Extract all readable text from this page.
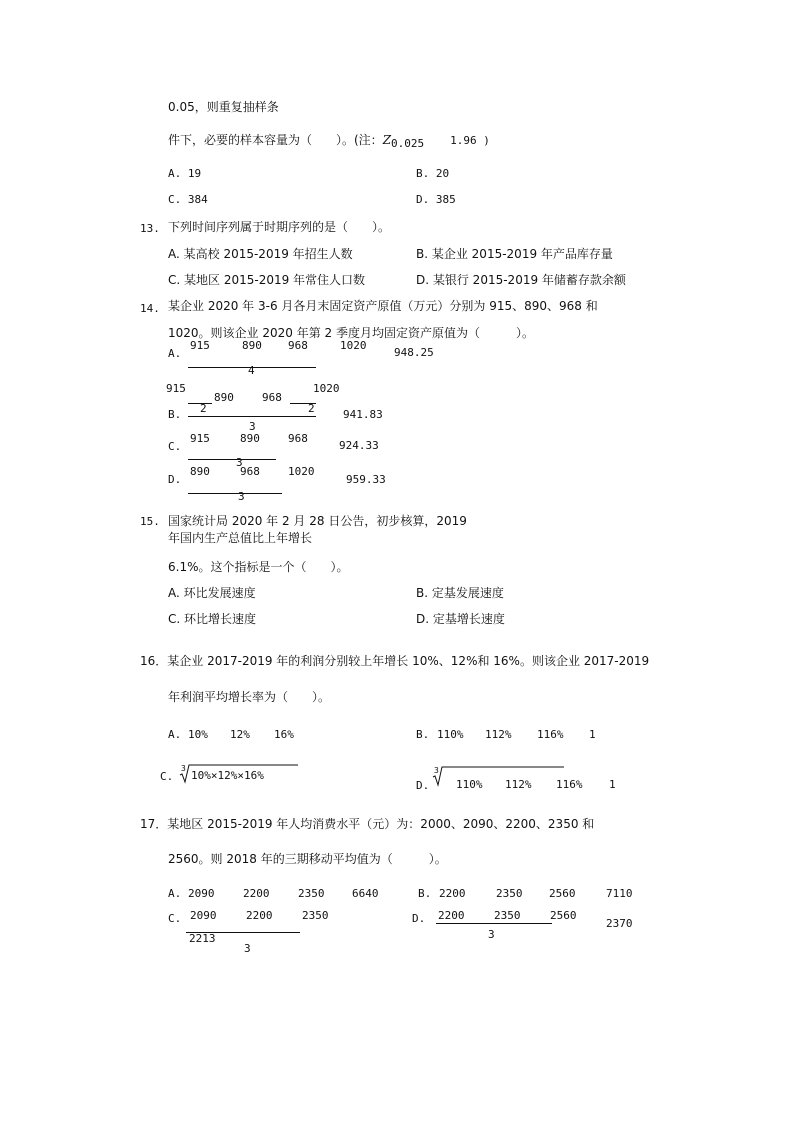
0.05，则重复抽样条
件下，必要的样本容量为（　　）。(注：Z0.025 1.96 )
A. 19	B. 20
C. 384	D. 385
13. 下列时间序列属于时期序列的是（　　）。
A. 某高校 2015-2019 年招生人数	B. 某企业 2015-2019 年产品库存量
C. 某地区 2015-2019 年常住人口数	D. 某银行 2015-2019 年储蓄存款余额
14. 某企业 2020 年 3-6 月各月末固定资产原值（万元）分别为 915、890、968 和
1020。则该企业 2020 年第 2 季度月均固定资产原值为（　　　）。
A.
915	890 968	1020
4
948.25
915	1020
890	968
2	2
B.
3
941.83
915	890	968
C.
3
924.33
890	968	1020
D.
3
959.33
15. 国家统计局 2020 年 2 月 28 日公告，初步核算，2019
年国内生产总值比上年增长
6.1%。这个指标是一个（　　）。
A. 环比发展速度	B. 定基发展速度
C. 环比增长速度	D. 定基增长速度
16．某企业 2017-2019 年的利润分别较上年增长 10%、12%和 16%。则该企业 2017-2019
年利润平均增长率为（　　）。
A. 10% 12% 16%	B. 110% 112% 116% 1
C.
3
10%×12%×16%
D.
3
110% 112% 116% 1
17．某地区 2015-2019 年人均消费水平（元）为：2000、2090、2200、2350 和
2560。则 2018 年的三期移动平均值为（　　　）。
A. 2090	2200	2350	6640	B. 2200	2350 2560	7110
C. 2090	2200	2350
2213
3
D. 2200	2350	2560
3
2370
